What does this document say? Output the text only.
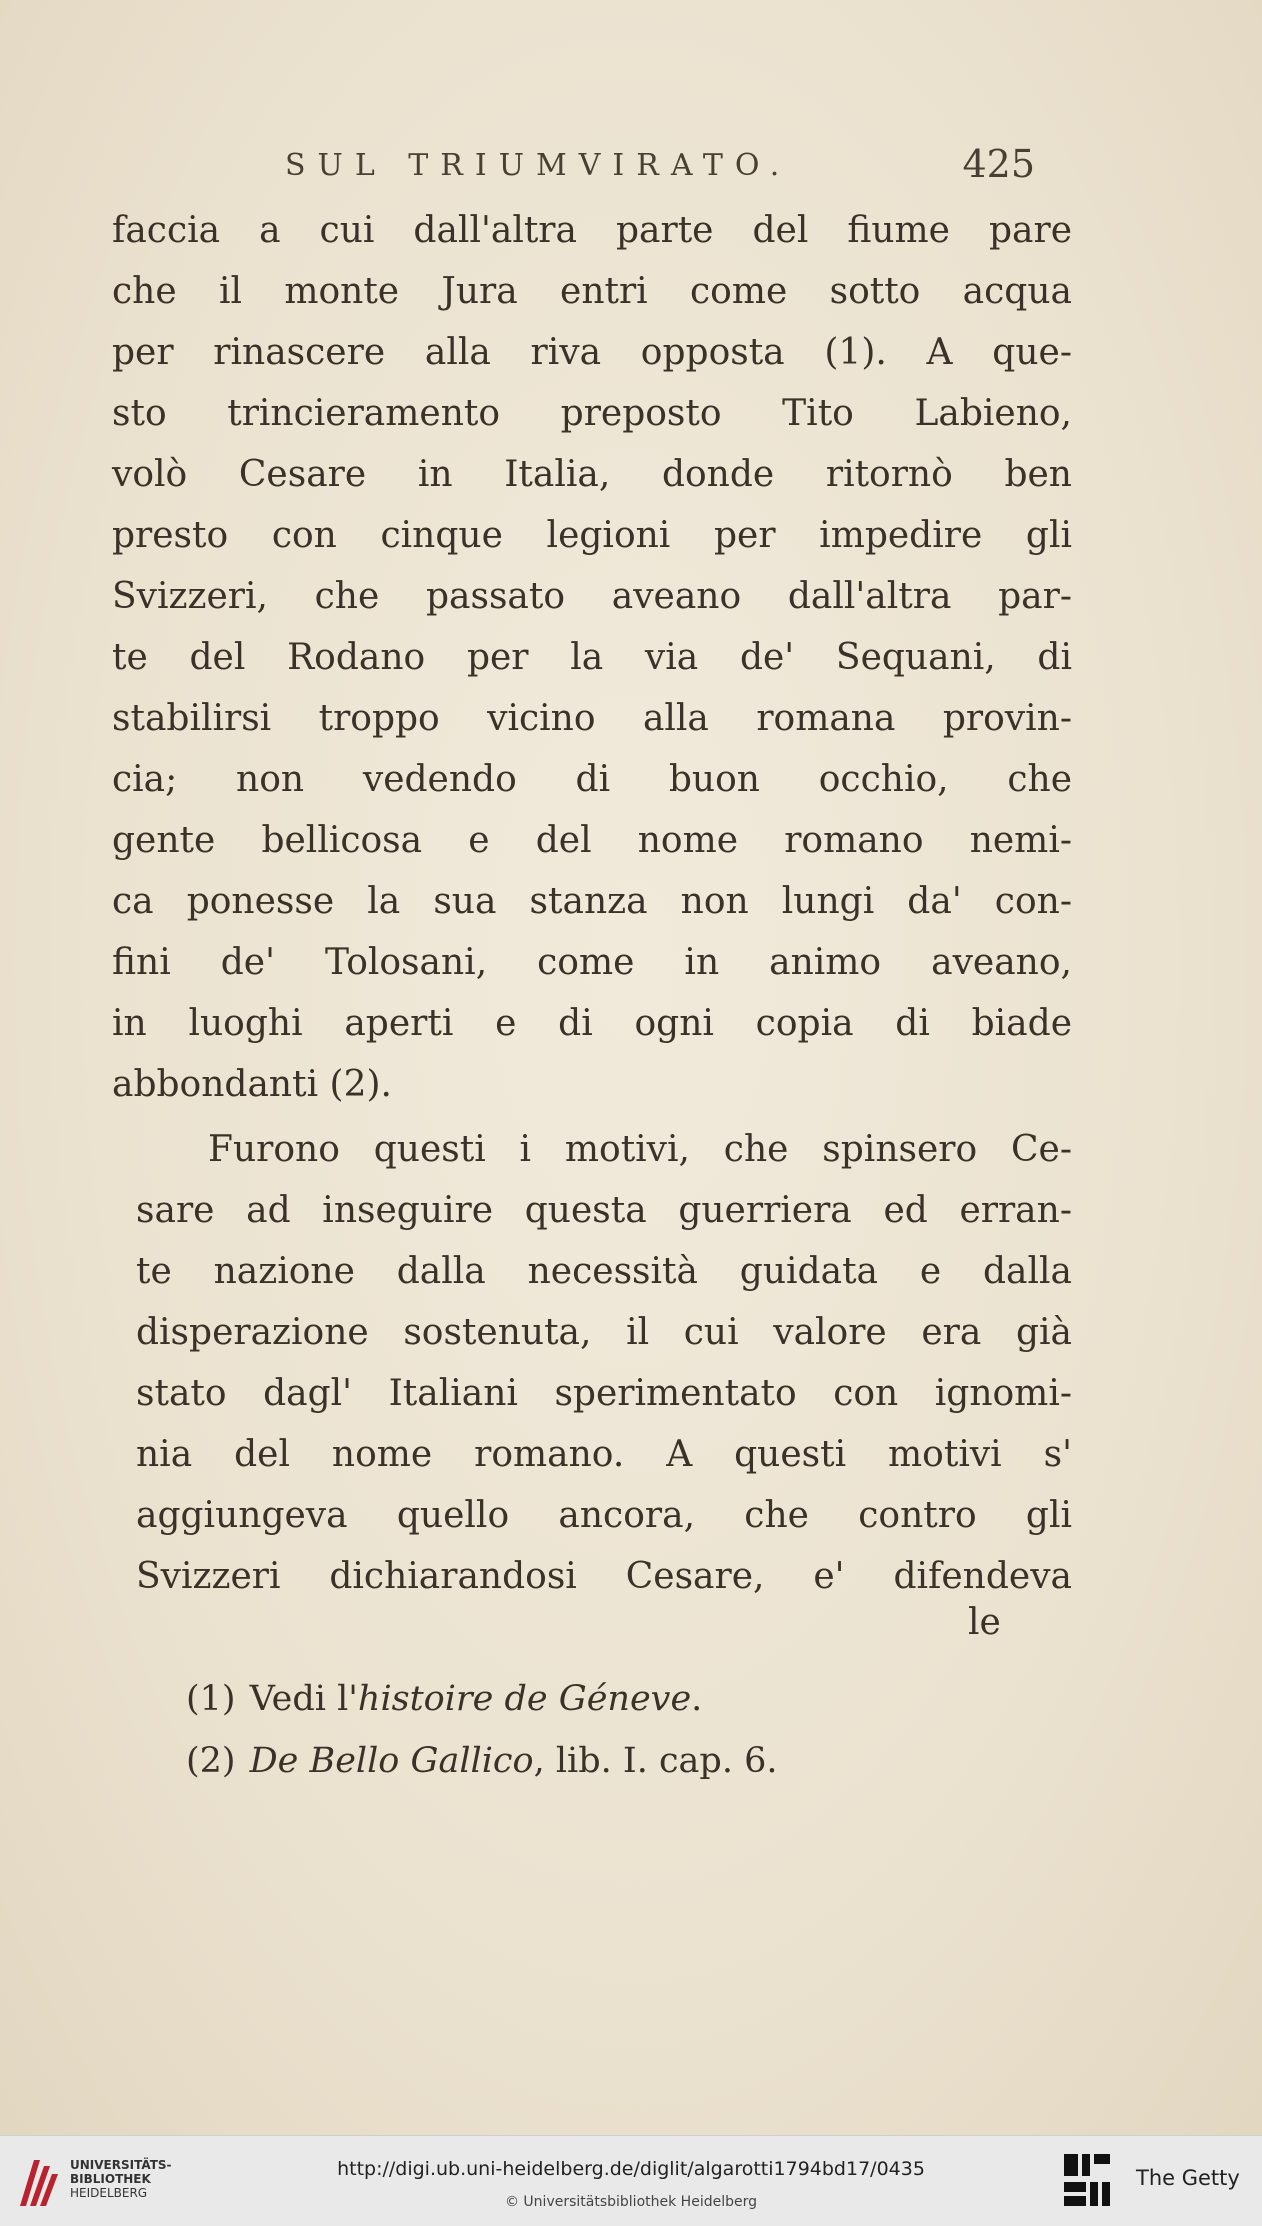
SUL TRIUMVIRATO.	425
faccia a cui dall'altra parte del fiume pare
che il monte Jura entri come sotto acqua
per rinascere alla riva opposta (1). A que-
sto trincieramento preposto Tito Labieno,
volò Cesare in Italia, donde ritornò ben
presto con cinque legioni per impedire gli
Svizzeri, che passato aveano dall'altra par-
te del Rodano per la via de' Sequani, di
stabilirsi troppo vicino alla romana provin-
cia; non vedendo di buon occhio, che
gente bellicosa e del nome romano nemi-
ca ponesse la sua stanza non lungi da' con-
fini de' Tolosani, come in animo aveano,
in luoghi aperti e di ogni copia di biade
abbondanti (2).
Furono questi i motivi, che spinsero Ce-
sare ad inseguire questa guerriera ed erran-
te nazione dalla necessità guidata e dalla
disperazione sostenuta, il cui valore era già
stato dagl' Italiani sperimentato con ignomi-
nia del nome romano. A questi motivi s'
aggiungeva quello ancora, che contro gli
Svizzeri dichiarandosi Cesare, e' difendeva
le
(1) Vedi l'histoire de Géneve.
(2) De Bello Gallico, lib. I. cap. 6.
UNIVERSITÄTS-
BIBLIOTHEK
HEIDELBERG
http://digi.ub.uni-heidelberg.de/diglit/algarotti1794bd17/0435
© Universitätsbibliothek Heidelberg
The Getty
